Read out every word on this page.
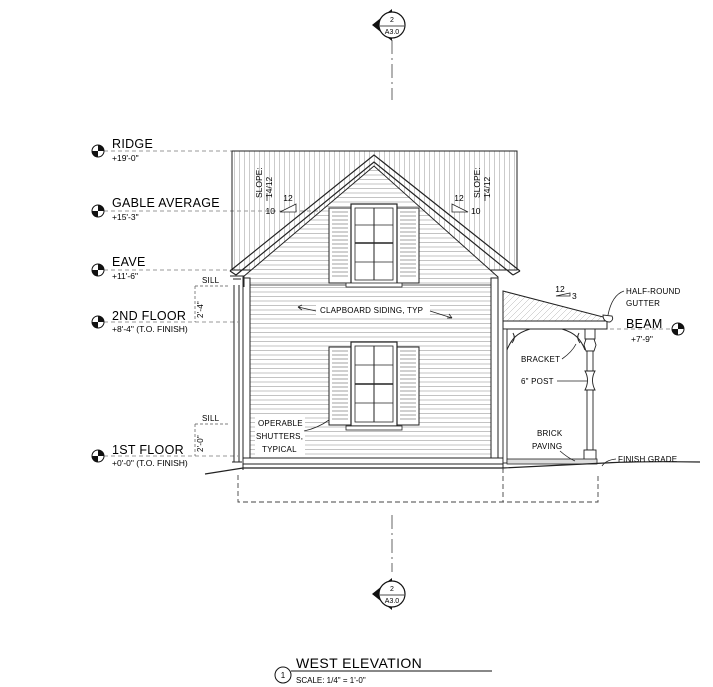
2
A3.0
2
A3.0
RIDGE
+19'-0"
GABLE AVERAGE
+15'-3"
EAVE
+11'-6"
2ND FLOOR
+8'-4" (T.O. FINISH)
1ST FLOOR
+0'-0" (T.O. FINISH)
BEAM
+7'-9"
SLOPE: 14/12 12
10
SLOPE: 14/12
12
10
12
3
SILL
2'-4"
SILL
2'-0"
CLAPBOARD SIDING, TYP
OPERABLE
SHUTTERS,
TYPICAL
HALF-ROUND
GUTTER
BRACKET
6" POST
BRICK
PAVING
FINISH GRADE
1
WEST ELEVATION
SCALE: 1/4" = 1'-0"
